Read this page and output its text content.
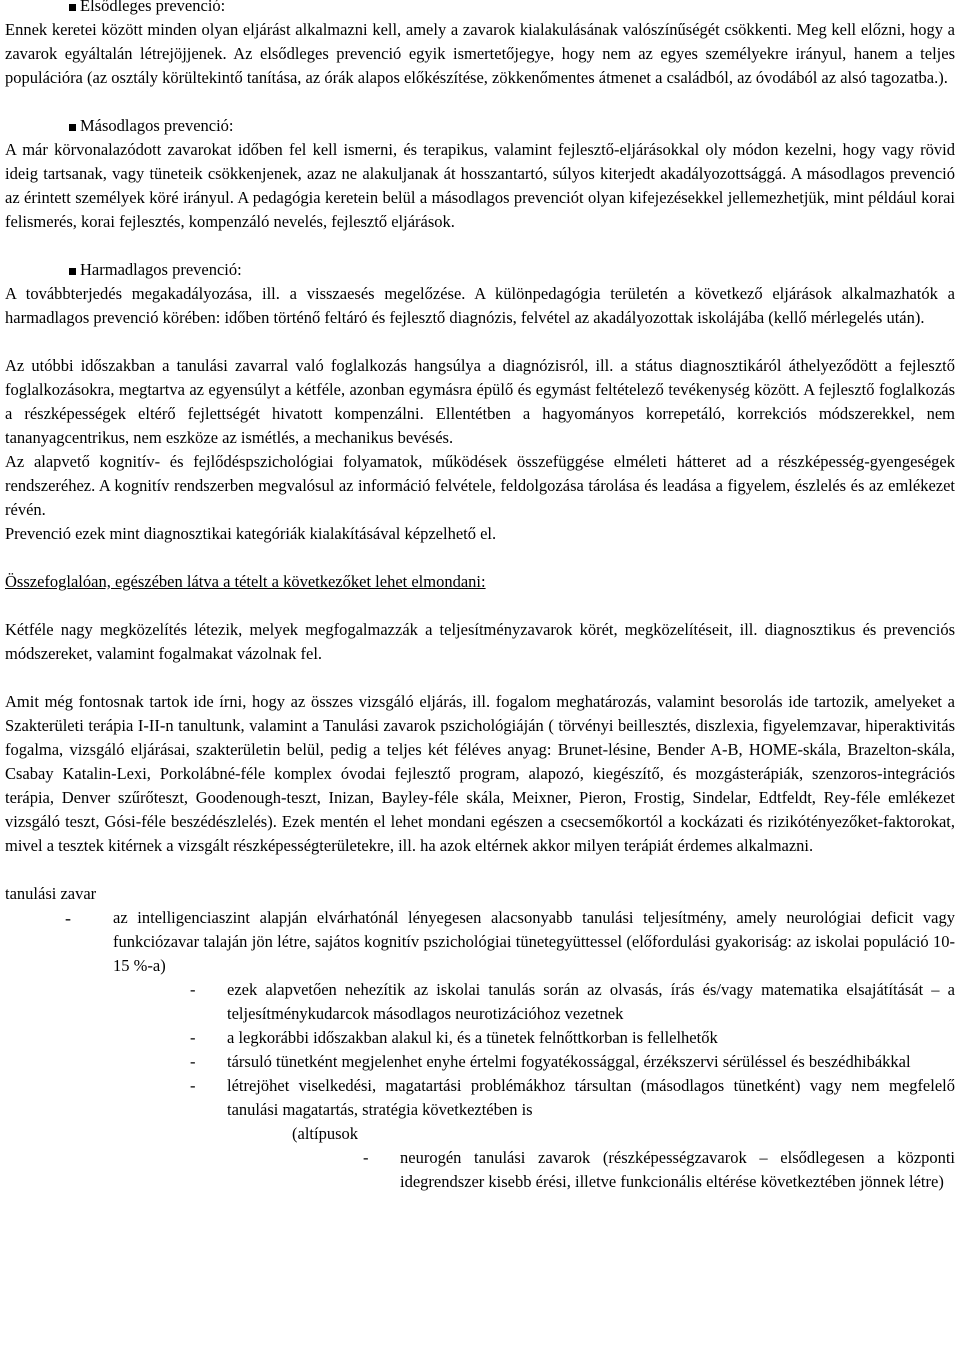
Elsődleges prevenció:

Ennek keretei között minden olyan eljárást alkalmazni kell, amely a zavarok kialakulásának valószínűségét csökkenti. Meg kell előzni, hogy a zavarok egyáltalán létrejöjjenek. Az elsődleges prevenció egyik ismertetőjegye, hogy nem az egyes személyekre irányul, hanem a teljes populációra (az osztály körültekintő tanítása, az órák alapos előkészítése, zökkenőmentes átmenet a családból, az óvodából az alsó tagozatba.).

Másodlagos prevenció:

A már körvonalazódott zavarokat időben fel kell ismerni, és terapikus, valamint fejlesztő-eljárásokkal oly módon kezelni, hogy vagy rövid ideig tartsanak, vagy tüneteik csökkenjenek, azaz ne alakuljanak át hosszantartó, súlyos kiterjedt akadályozottsággá. A másodlagos prevenció az érintett személyek köré irányul. A pedagógia keretein belül a másodlagos prevenciót olyan kifejezésekkel jellemezhetjük, mint például korai felismerés, korai fejlesztés, kompenzáló nevelés, fejlesztő eljárások.

Harmadlagos prevenció:

A továbbterjedés megakadályozása, ill. a visszaesés megelőzése. A különpedagógia területén a következő eljárások alkalmazhatók a harmadlagos prevenció körében: időben történő feltáró és fejlesztő diagnózis, felvétel az akadályozottak iskolájába (kellő mérlegelés után).

Az utóbbi időszakban a tanulási zavarral való foglalkozás hangsúlya a diagnózisról, ill. a státus diagnosztikáról áthelyeződött a fejlesztő foglalkozásokra, megtartva az egyensúlyt a kétféle, azonban egymásra épülő és egymást feltételező tevékenység között. A fejlesztő foglalkozás a részképességek eltérő fejlettségét hivatott kompenzálni. Ellentétben a hagyományos korrepetáló, korrekciós módszerekkel, nem tananyagcentrikus, nem eszköze az ismétlés, a mechanikus bevésés.

Az alapvető kognitív- és fejlődéspszichológiai folyamatok, működések összefüggése elméleti hátteret ad a részképesség-gyengeségek rendszeréhez. A kognitív rendszerben megvalósul az információ felvétele, feldolgozása tárolása és leadása a figyelem, észlelés és az emlékezet révén.

Prevenció ezek mint diagnosztikai kategóriák kialakításával képzelhető el.

Összefoglalóan, egészében látva a tételt a következőket lehet elmondani:

Kétféle nagy megközelítés létezik, melyek megfogalmazzák a teljesítményzavarok körét, megközelítéseit, ill. diagnosztikus és prevenciós módszereket, valamint fogalmakat vázolnak fel.

Amit még fontosnak tartok ide írni, hogy az összes vizsgáló eljárás, ill. fogalom meghatározás, valamint besorolás ide tartozik, amelyeket a Szakterületi terápia I-II-n tanultunk, valamint a Tanulási zavarok pszichológiáján ( törvényi beillesztés, diszlexia, figyelemzavar, hiperaktivitás fogalma, vizsgáló eljárásai, szakterületin belül, pedig a teljes két féléves anyag: Brunet-lésine, Bender A-B, HOME-skála, Brazelton-skála, Csabay Katalin-Lexi, Porkolábné-féle komplex óvodai fejlesztő program, alapozó, kiegészítő, és mozgásterápiák, szenzoros-integrációs terápia, Denver szűrőteszt, Goodenough-teszt, Inizan, Bayley-féle skála, Meixner, Pieron, Frostig, Sindelar, Edtfeldt, Rey-féle emlékezet vizsgáló teszt, Gósi-féle beszédészlelés). Ezek mentén el lehet mondani egészen a csecsemőkortól a kockázati és rizikótényezőket-faktorokat, mivel a tesztek kitérnek a vizsgált részképességterületekre, ill. ha azok eltérnek akkor milyen terápiát érdemes alkalmazni.

tanulási zavar

-	az intelligenciaszint alapján elvárhatónál lényegesen alacsonyabb tanulási teljesítmény, amely neurológiai deficit vagy funkciózavar talaján jön létre, sajátos kognitív pszichológiai tünetegyüttessel (előfordulási gyakoriság: az iskolai populáció 10-15 %-a)

- ezek alapvetően nehezítik az iskolai tanulás során az olvasás, írás és/vagy matematika elsajátítását – a teljesítménykudarcok másodlagos neurotizációhoz vezetnek

- a legkorábbi időszakban alakul ki, és a tünetek felnőttkorban is fellelhetők

- társuló tünetként megjelenhet enyhe értelmi fogyatékossággal, érzékszervi sérüléssel és beszédhibákkal

- létrejöhet viselkedési, magatartási problémákhoz társultan (másodlagos tünetként) vagy nem megfelelő tanulási magatartás, stratégia következtében is

(altípusok

- neurogén tanulási zavarok (részképességzavarok – elsődlegesen a központi idegrendszer kisebb érési, illetve funkcionális eltérése következtében jönnek létre)
